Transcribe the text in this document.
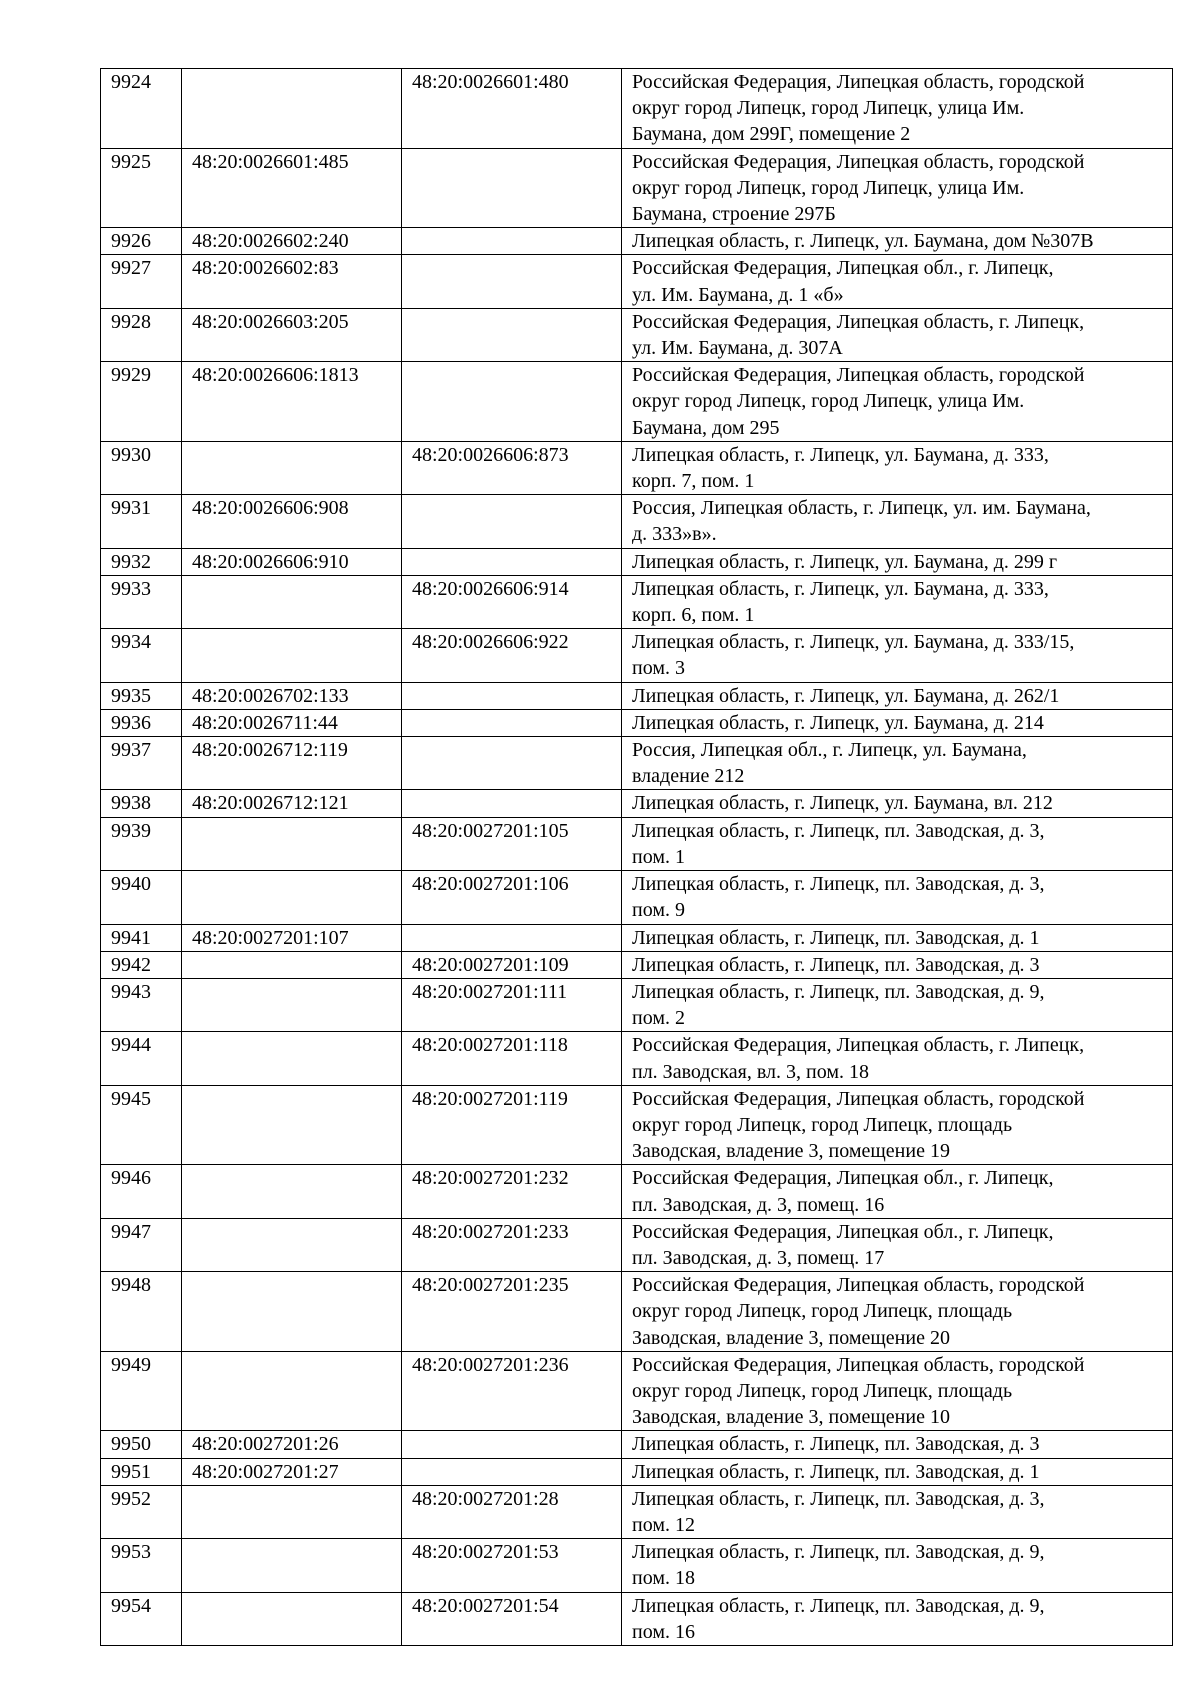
9924		48:20:0026601:480	Российская Федерация, Липецкая область, городской
округ город Липецк, город Липецк, улица Им.
Баумана, дом 299Г, помещение 2

9925	48:20:0026601:485		Российская Федерация, Липецкая область, городской
округ город Липецк, город Липецк, улица Им.
Баумана, строение 297Б

9926	48:20:0026602:240		Липецкая область, г. Липецк, ул. Баумана, дом №307В

9927	48:20:0026602:83		Российская Федерация, Липецкая обл., г. Липецк,
ул. Им. Баумана, д. 1 «б»

9928	48:20:0026603:205		Российская Федерация, Липецкая область, г. Липецк,
ул. Им. Баумана, д. 307А

9929	48:20:0026606:1813		Российская Федерация, Липецкая область, городской
округ город Липецк, город Липецк, улица Им.
Баумана, дом 295

9930		48:20:0026606:873	Липецкая область, г. Липецк, ул. Баумана, д. 333,
корп. 7, пом. 1

9931	48:20:0026606:908		Россия, Липецкая область, г. Липецк, ул. им. Баумана,
д. 333»в».

9932	48:20:0026606:910		Липецкая область, г. Липецк, ул. Баумана, д. 299 г

9933		48:20:0026606:914	Липецкая область, г. Липецк, ул. Баумана, д. 333,
корп. 6, пом. 1

9934		48:20:0026606:922	Липецкая область, г. Липецк, ул. Баумана, д. 333/15,
пом. 3

9935	48:20:0026702:133		Липецкая область, г. Липецк, ул. Баумана, д. 262/1

9936	48:20:0026711:44		Липецкая область, г. Липецк, ул. Баумана, д. 214

9937	48:20:0026712:119		Россия, Липецкая обл., г. Липецк, ул. Баумана,
владение 212

9938	48:20:0026712:121		Липецкая область, г. Липецк, ул. Баумана, вл. 212

9939		48:20:0027201:105	Липецкая область, г. Липецк, пл. Заводская, д. 3,
пом. 1

9940		48:20:0027201:106	Липецкая область, г. Липецк, пл. Заводская, д. 3,
пом. 9

9941	48:20:0027201:107		Липецкая область, г. Липецк, пл. Заводская, д. 1

9942		48:20:0027201:109	Липецкая область, г. Липецк, пл. Заводская, д. 3

9943		48:20:0027201:111	Липецкая область, г. Липецк, пл. Заводская, д. 9,
пом. 2

9944		48:20:0027201:118	Российская Федерация, Липецкая область, г. Липецк,
пл. Заводская, вл. 3, пом. 18

9945		48:20:0027201:119	Российская Федерация, Липецкая область, городской
округ город Липецк, город Липецк, площадь
Заводская, владение 3, помещение 19

9946		48:20:0027201:232	Российская Федерация, Липецкая обл., г. Липецк,
пл. Заводская, д. 3, помещ. 16

9947		48:20:0027201:233	Российская Федерация, Липецкая обл., г. Липецк,
пл. Заводская, д. 3, помещ. 17

9948		48:20:0027201:235	Российская Федерация, Липецкая область, городской
округ город Липецк, город Липецк, площадь
Заводская, владение 3, помещение 20

9949		48:20:0027201:236	Российская Федерация, Липецкая область, городской
округ город Липецк, город Липецк, площадь
Заводская, владение 3, помещение 10

9950	48:20:0027201:26		Липецкая область, г. Липецк, пл. Заводская, д. 3

9951	48:20:0027201:27		Липецкая область, г. Липецк, пл. Заводская, д. 1

9952		48:20:0027201:28	Липецкая область, г. Липецк, пл. Заводская, д. 3,
пом. 12

9953		48:20:0027201:53	Липецкая область, г. Липецк, пл. Заводская, д. 9,
пом. 18

9954		48:20:0027201:54	Липецкая область, г. Липецк, пл. Заводская, д. 9,
пом. 16
